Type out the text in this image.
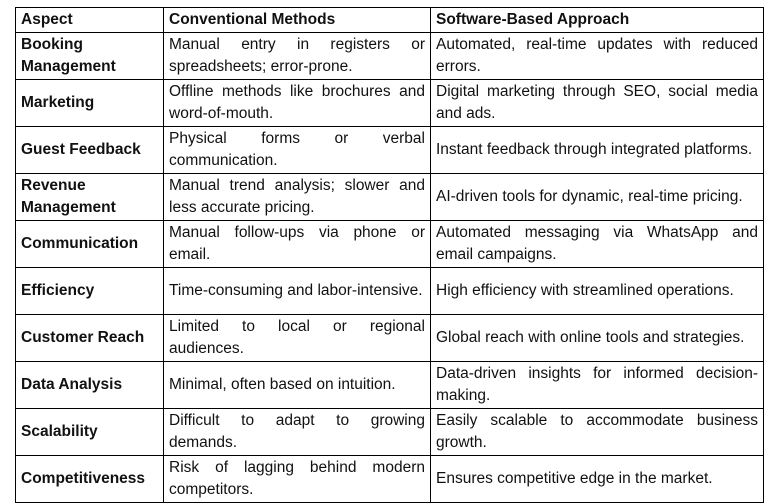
Aspect	Conventional Methods	Software-Based Approach
Booking Management	Manual entry in registers or spreadsheets; error-prone.	Automated, real-time updates with reduced errors.
Marketing	Offline methods like brochures and word-of-mouth.	Digital marketing through SEO, social media and ads.
Guest Feedback	Physical forms or verbal communication.	Instant feedback through integrated platforms.
Revenue Management	Manual trend analysis; slower and less accurate pricing.	AI-driven tools for dynamic, real-time pricing.
Communication	Manual follow-ups via phone or email.	Automated messaging via WhatsApp and email campaigns.
Efficiency	Time-consuming and labor-intensive.	High efficiency with streamlined operations.
Customer Reach	Limited to local or regional audiences.	Global reach with online tools and strategies.
Data Analysis	Minimal, often based on intuition.	Data-driven insights for informed decision-making.
Scalability	Difficult to adapt to growing demands.	Easily scalable to accommodate business growth.
Competitiveness	Risk of lagging behind modern competitors.	Ensures competitive edge in the market.
